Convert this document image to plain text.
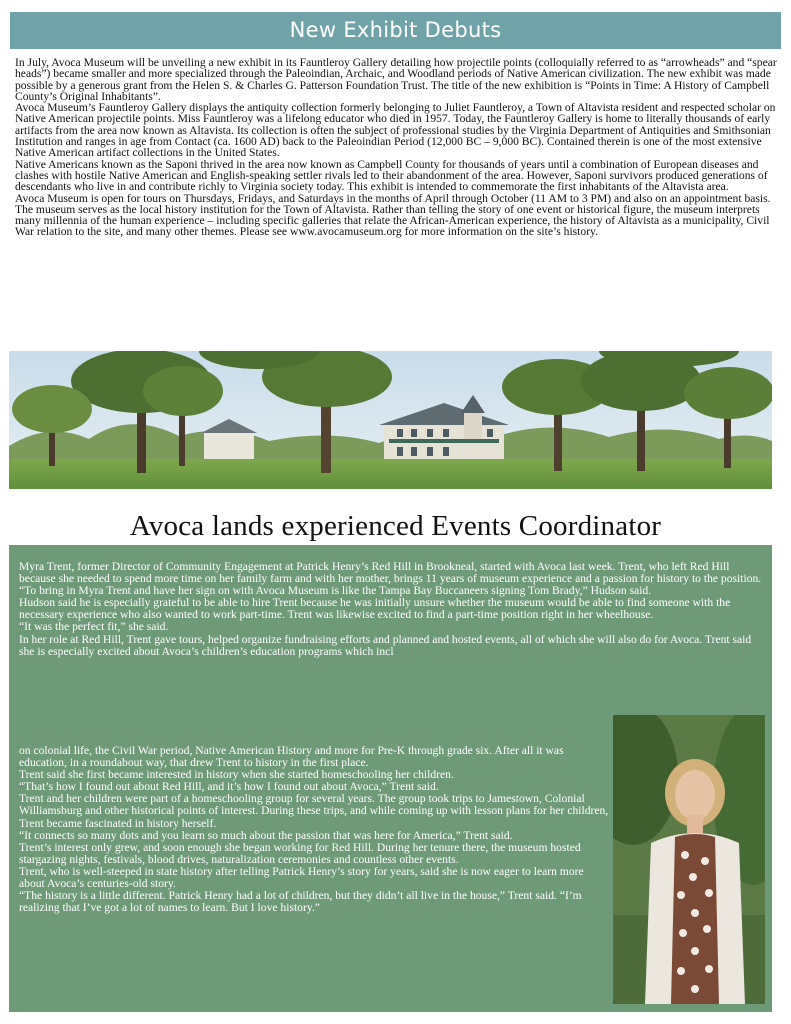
New Exhibit Debuts

In July, Avoca Museum will be unveiling a new exhibit in its Fauntleroy Gallery detailing how projectile points (colloquially referred to as “arrowheads” and “spear heads”) became smaller and more specialized through the Paleoindian, Archaic, and Woodland periods of Native American civilization. The new exhibit was made possible by a generous grant from the Helen S. & Charles G. Patterson Foundation Trust. The title of the new exhibition is “Points in Time: A History of Campbell County’s Original Inhabitants”.

Avoca Museum’s Fauntleroy Gallery displays the antiquity collection formerly belonging to Juliet Fauntleroy, a Town of Altavista resident and respected scholar on Native American projectile points. Miss Fauntleroy was a lifelong educator who died in 1957. Today, the Fauntleroy Gallery is home to literally thousands of early artifacts from the area now known as Altavista. Its collection is often the subject of professional studies by the Virginia Department of Antiquities and Smithsonian Institution and ranges in age from Contact (ca. 1600 AD) back to the Paleoindian Period (12,000 BC – 9,000 BC). Contained therein is one of the most extensive Native American artifact collections in the United States.

Native Americans known as the Saponi thrived in the area now known as Campbell County for thousands of years until a combination of European diseases and clashes with hostile Native American and English-speaking settler rivals led to their abandonment of the area. However, Saponi survivors produced generations of descendants who live in and contribute richly to Virginia society today. This exhibit is intended to commemorate the first inhabitants of the Altavista area.

Avoca Museum is open for tours on Thursdays, Fridays, and Saturdays in the months of April through October (11 AM to 3 PM) and also on an appointment basis. The museum serves as the local history institution for the Town of Altavista. Rather than telling the story of one event or historical figure, the museum interprets many millennia of the human experience – including specific galleries that relate the African-American experience, the history of Altavista as a municipality, Civil War relation to the site, and many other themes. Please see www.avocamuseum.org for more information on the site’s history.

Avoca lands experienced Events Coordinator

Myra Trent, former Director of Community Engagement at Patrick Henry’s Red Hill in Brookneal, started with Avoca last week. Trent, who left Red Hill because she needed to spend more time on her family farm and with her mother, brings 11 years of museum experience and a passion for history to the position.

“To bring in Myra Trent and have her sign on with Avoca Museum is like the Tampa Bay Buccaneers signing Tom Brady,” Hudson said.

Hudson said he is especially grateful to be able to hire Trent because he was initially unsure whether the museum would be able to find someone with the necessary experience who also wanted to work part-time. Trent was likewise excited to find a part-time position right in her wheelhouse.

“It was the perfect fit,” she said.

In her role at Red Hill, Trent gave tours, helped organize fundraising efforts and planned and hosted events, all of which she will also do for Avoca. Trent said she is especially excited about Avoca’s children’s education programs which incl

on colonial life, the Civil War period, Native American History and more for Pre-K through grade six. After all it was education, in a roundabout way, that drew Trent to history in the first place.

Trent said she first became interested in history when she started homeschooling her children.

“That’s how I found out about Red Hill, and it’s how I found out about Avoca,” Trent said.

Trent and her children were part of a homeschooling group for several years. The group took trips to Jamestown, Colonial Williamsburg and other historical points of interest. During these trips, and while coming up with lesson plans for her children, Trent became fascinated in history herself.

“It connects so many dots and you learn so much about the passion that was here for America,” Trent said.

Trent’s interest only grew, and soon enough she began working for Red Hill. During her tenure there, the museum hosted stargazing nights, festivals, blood drives, naturalization ceremonies and countless other events.

Trent, who is well-steeped in state history after telling Patrick Henry’s story for years, said she is now eager to learn more about Avoca’s centuries-old story.

“The history is a little different. Patrick Henry had a lot of children, but they didn’t all live in the house,” Trent said. “I’m realizing that I’ve got a lot of names to learn. But I love history.”
